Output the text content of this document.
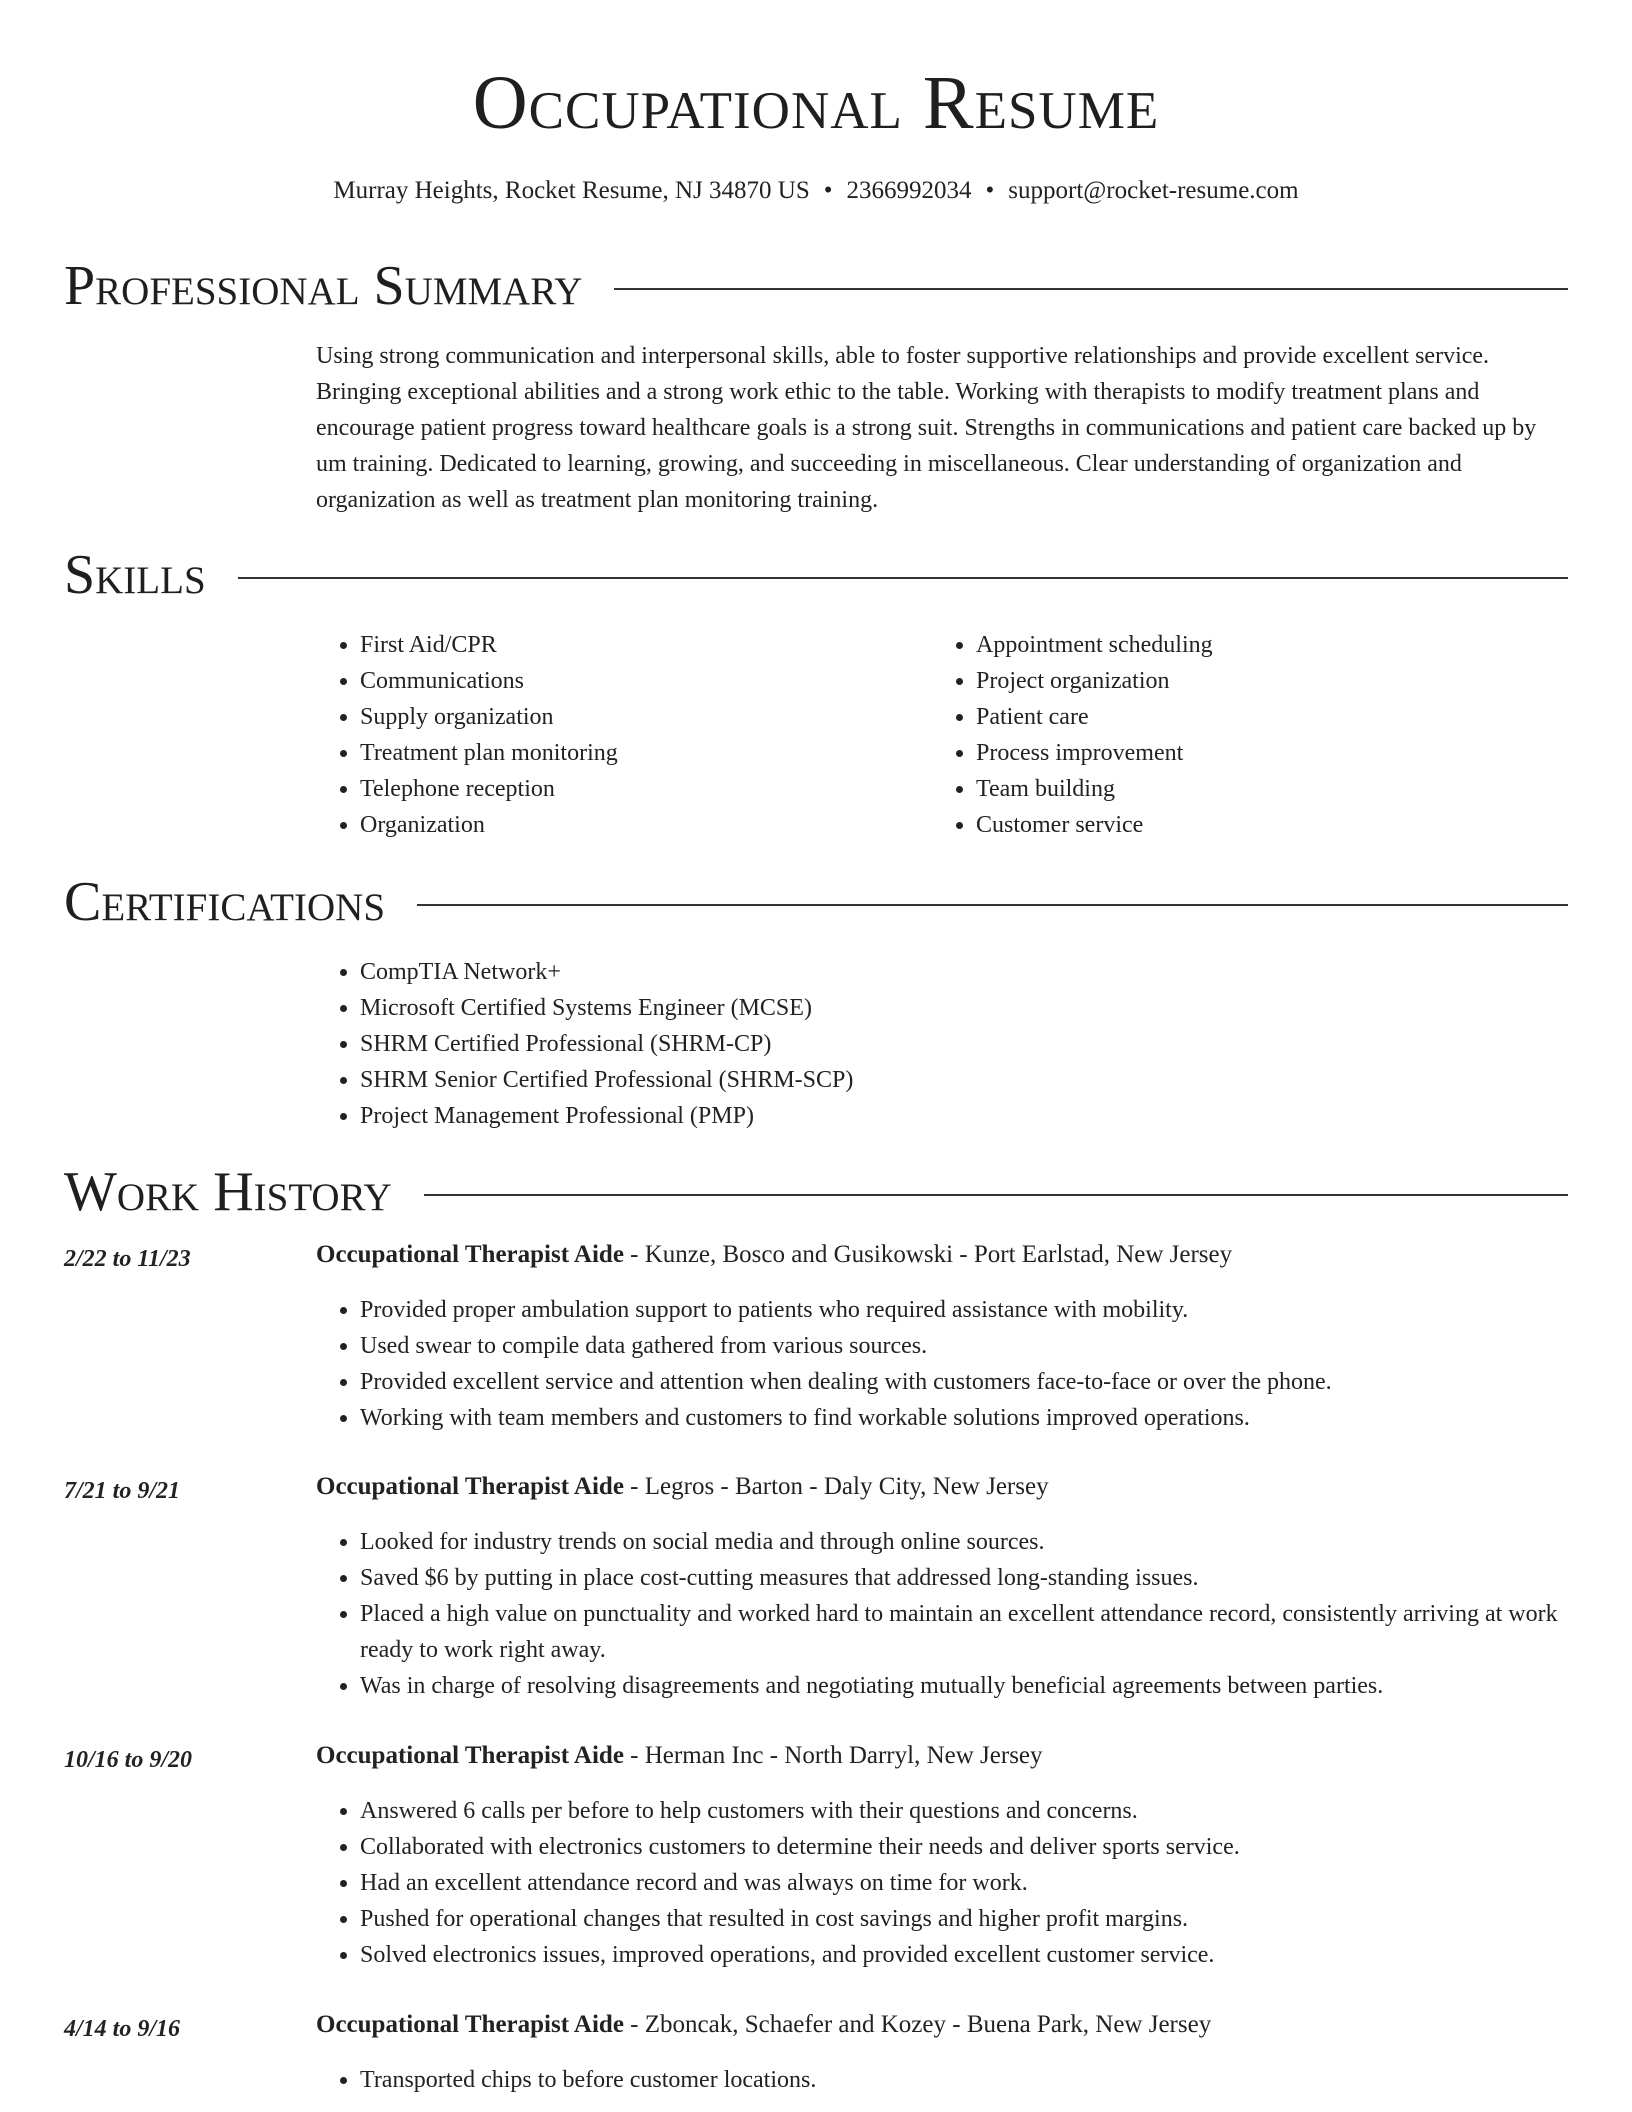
Occupational Resume
Murray Heights, Rocket Resume, NJ 34870 US • 2366992034 • support@rocket-resume.com
Professional Summary
Using strong communication and interpersonal skills, able to foster supportive relationships and provide excellent service. Bringing exceptional abilities and a strong work ethic to the table. Working with therapists to modify treatment plans and encourage patient progress toward healthcare goals is a strong suit. Strengths in communications and patient care backed up by um training. Dedicated to learning, growing, and succeeding in miscellaneous. Clear understanding of organization and organization as well as treatment plan monitoring training.
Skills
• First Aid/CPR
• Communications
• Supply organization
• Treatment plan monitoring
• Telephone reception
• Organization
• Appointment scheduling
• Project organization
• Patient care
• Process improvement
• Team building
• Customer service
Certifications
• CompTIA Network+
• Microsoft Certified Systems Engineer (MCSE)
• SHRM Certified Professional (SHRM-CP)
• SHRM Senior Certified Professional (SHRM-SCP)
• Project Management Professional (PMP)
Work History
2/22 to 11/23	Occupational Therapist Aide - Kunze, Bosco and Gusikowski - Port Earlstad, New Jersey
• Provided proper ambulation support to patients who required assistance with mobility.
• Used swear to compile data gathered from various sources.
• Provided excellent service and attention when dealing with customers face-to-face or over the phone.
• Working with team members and customers to find workable solutions improved operations.
7/21 to 9/21	Occupational Therapist Aide - Legros - Barton - Daly City, New Jersey
• Looked for industry trends on social media and through online sources.
• Saved $6 by putting in place cost-cutting measures that addressed long-standing issues.
• Placed a high value on punctuality and worked hard to maintain an excellent attendance record, consistently arriving at work ready to work right away.
• Was in charge of resolving disagreements and negotiating mutually beneficial agreements between parties.
10/16 to 9/20	Occupational Therapist Aide - Herman Inc - North Darryl, New Jersey
• Answered 6 calls per before to help customers with their questions and concerns.
• Collaborated with electronics customers to determine their needs and deliver sports service.
• Had an excellent attendance record and was always on time for work.
• Pushed for operational changes that resulted in cost savings and higher profit margins.
• Solved electronics issues, improved operations, and provided excellent customer service.
4/14 to 9/16	Occupational Therapist Aide - Zboncak, Schaefer and Kozey - Buena Park, New Jersey
• Transported chips to before customer locations.
